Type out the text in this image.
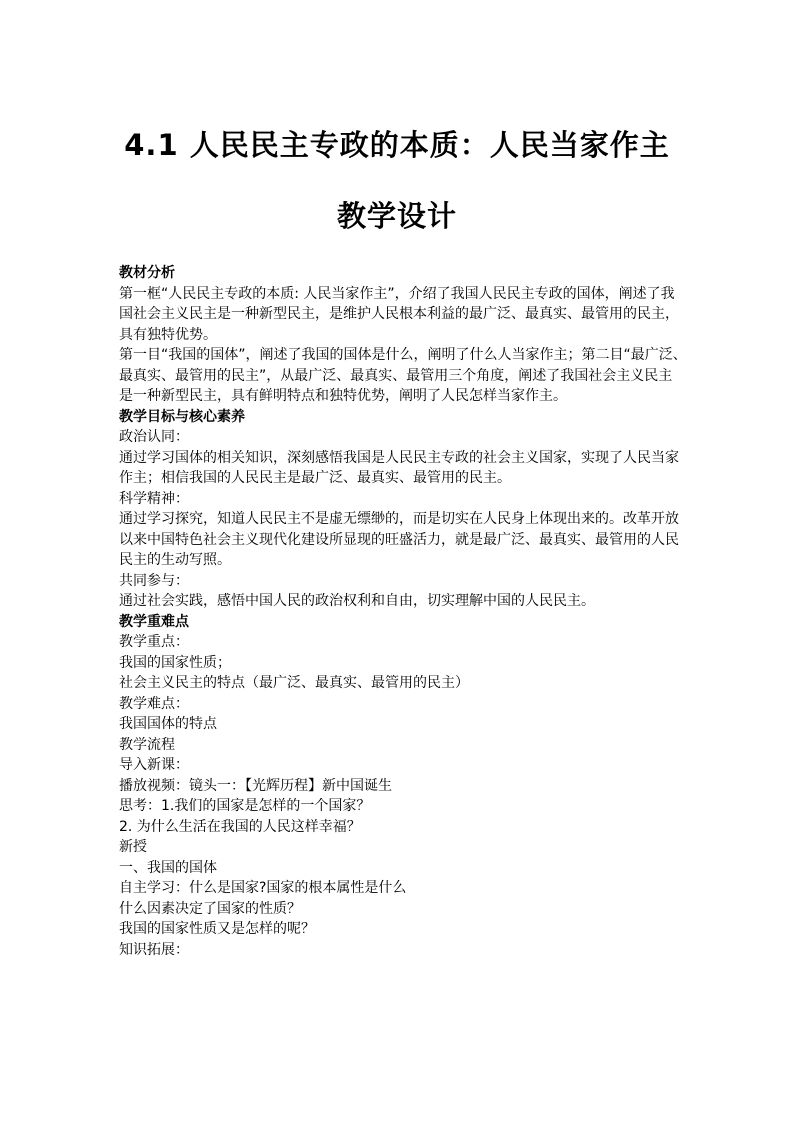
4.1 人民民主专政的本质：人民当家作主
教学设计
教材分析
第一框“人民民主专政的本质: 人民当家作主”，介绍了我国人民民主专政的国体，阐述了我
国社会主义民主是一种新型民主，是维护人民根本利益的最广泛、最真实、最管用的民主，
具有独特优势。
第一目“我国的国体”，阐述了我国的国体是什么，阐明了什么人当家作主；第二目“最广泛、
最真实、最管用的民主”，从最广泛、最真实、最管用三个角度，阐述了我国社会主义民主
是一种新型民主，具有鲜明特点和独特优势，阐明了人民怎样当家作主。
教学目标与核心素养
政治认同：
通过学习国体的相关知识，深刻感悟我国是人民民主专政的社会主义国家，实现了人民当家
作主；相信我国的人民民主是最广泛、最真实、最管用的民主。
科学精神：
通过学习探究，知道人民民主不是虚无缥缈的，而是切实在人民身上体现出来的。改革开放
以来中国特色社会主义现代化建设所显现的旺盛活力，就是最广泛、最真实、最管用的人民
民主的生动写照。
共同参与：
通过社会实践，感悟中国人民的政治权利和自由，切实理解中国的人民民主。
教学重难点
教学重点：
我国的国家性质；
社会主义民主的特点（最广泛、最真实、最管用的民主）
教学难点：
我国国体的特点
教学流程
导入新课：
播放视频：镜头一：【光辉历程】新中国诞生
思考：1.我们的国家是怎样的一个国家？
2. 为什么生活在我国的人民这样幸福？
新授
一、我国的国体
自主学习：什么是国家?国家的根本属性是什么
什么因素决定了国家的性质？
我国的国家性质又是怎样的呢？
知识拓展：
